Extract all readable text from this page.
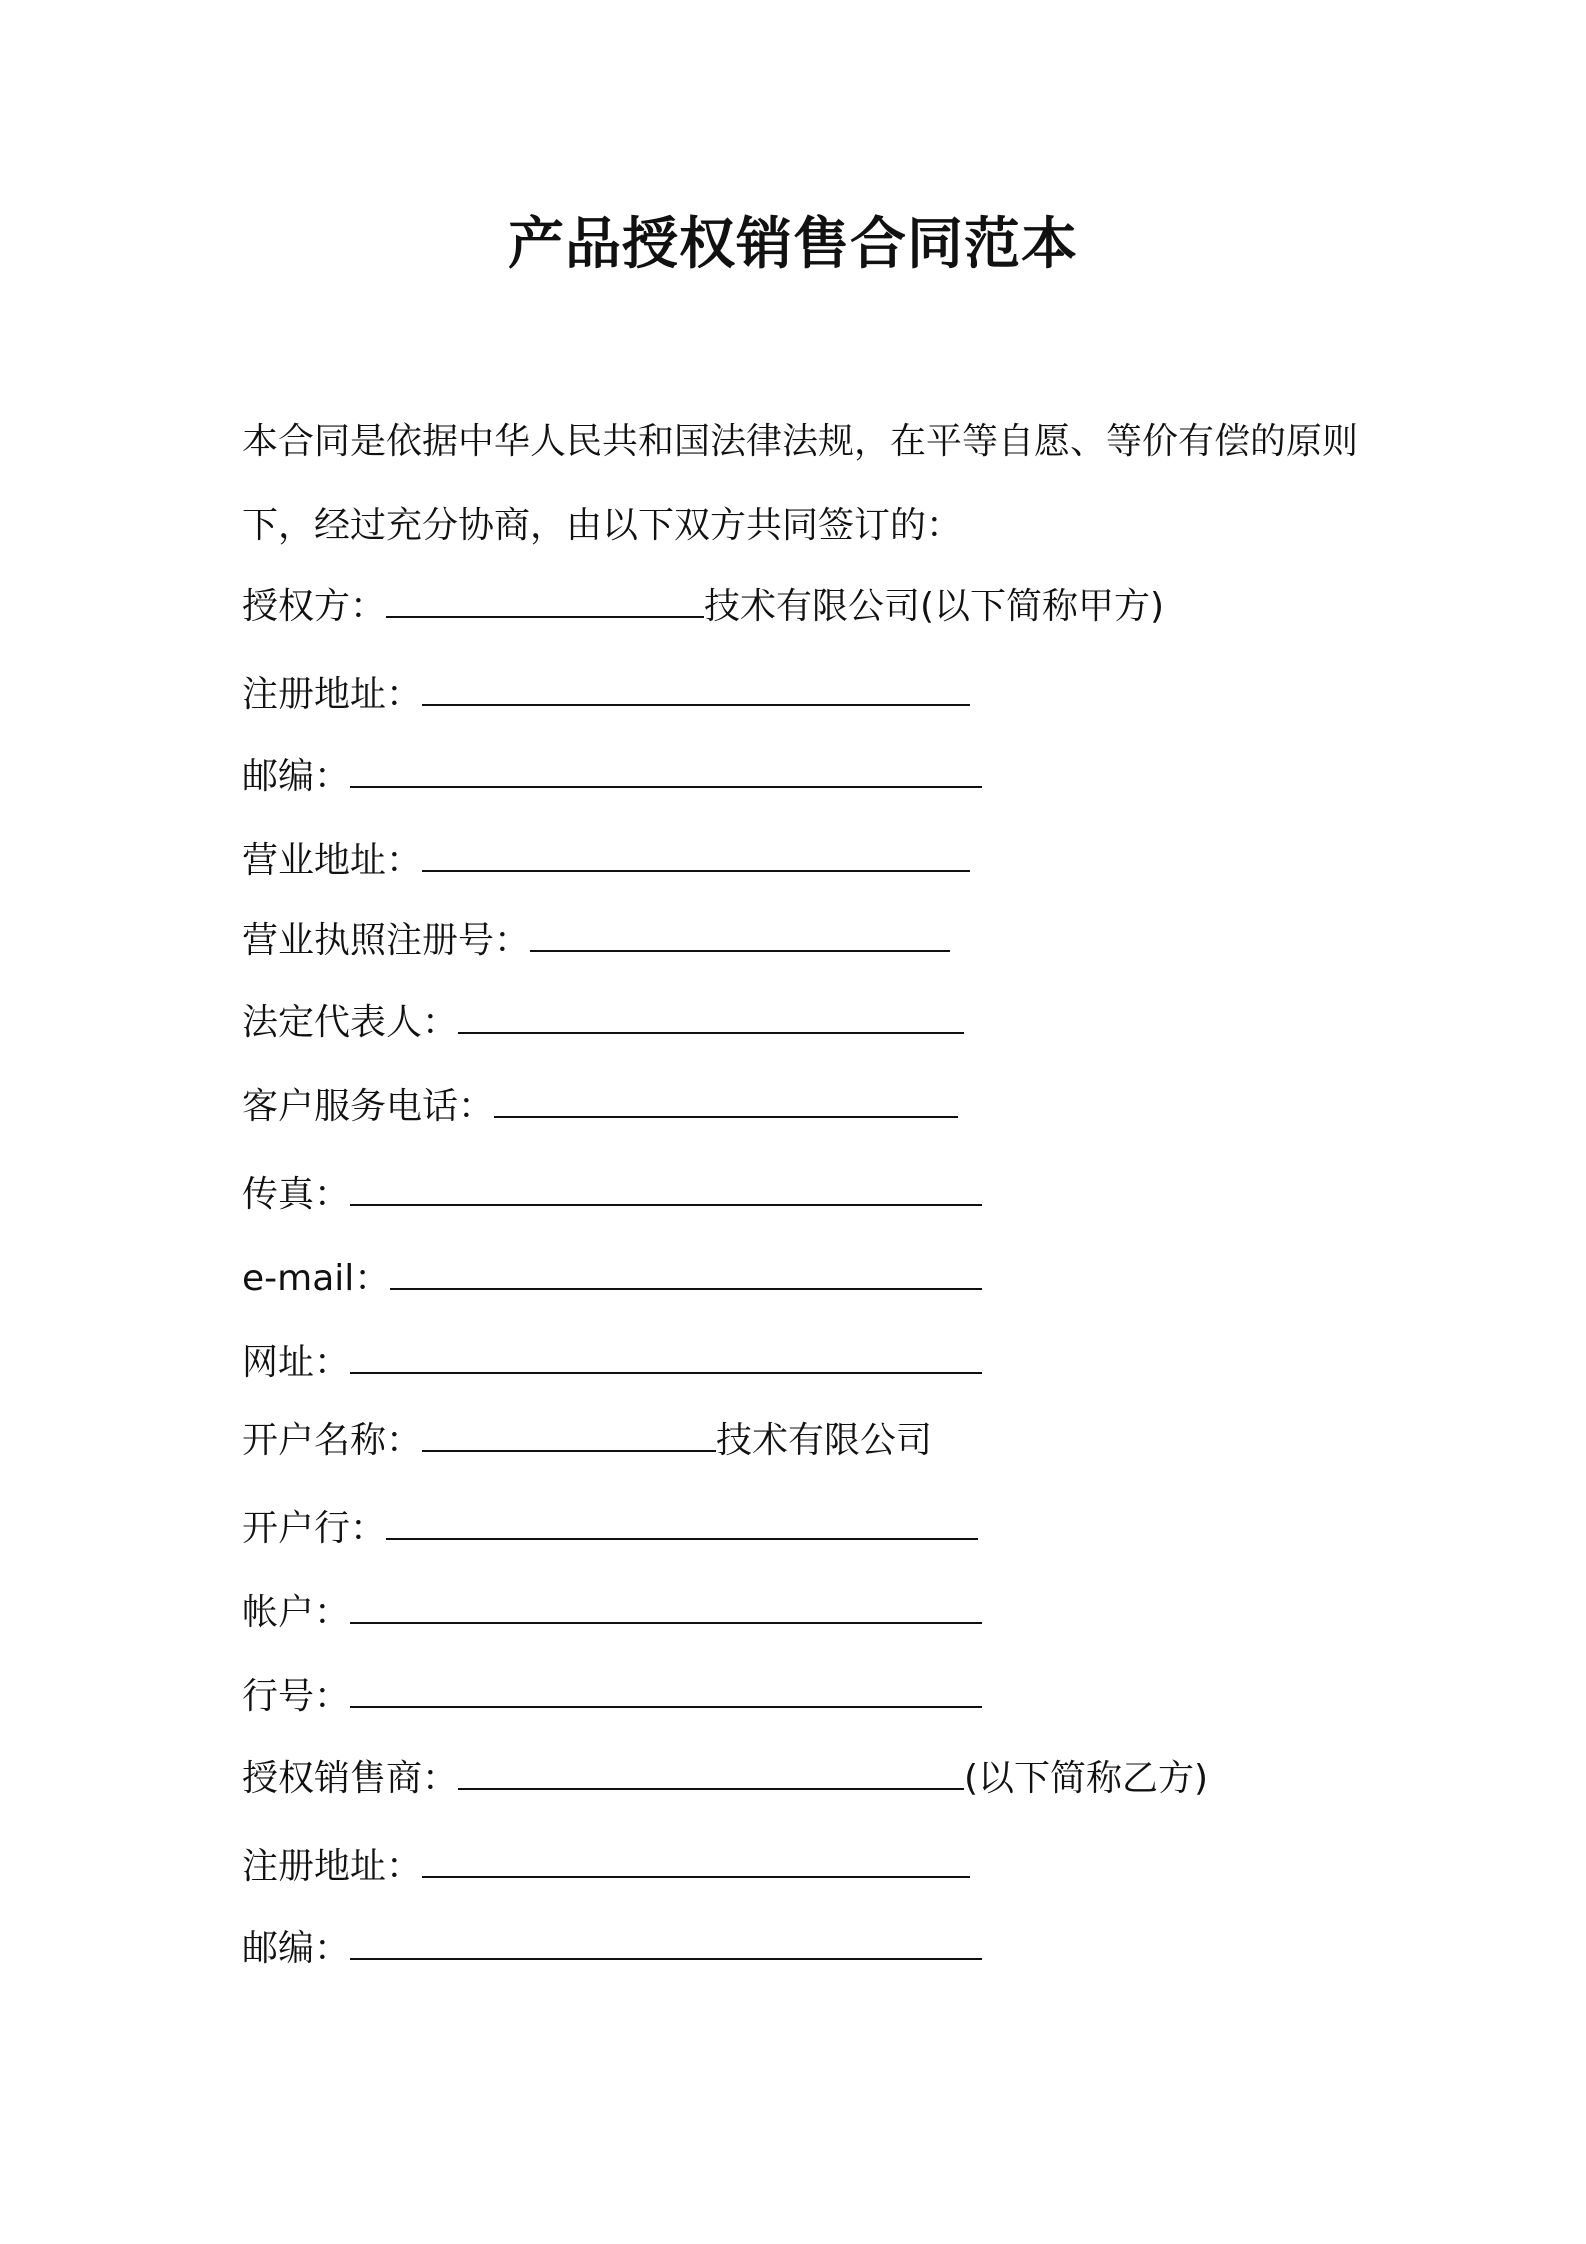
产品授权销售合同范本

本合同是依据中华人民共和国法律法规，在平等自愿、等价有偿的原则下，经过充分协商，由以下双方共同签订的：

授权方：	技术有限公司(以下简称甲方)
注册地址：
邮编：
营业地址：
营业执照注册号：
法定代表人：
客户服务电话：
传真：
e-mail：
网址：
开户名称：	技术有限公司
开户行：
帐户：
行号：
授权销售商：	(以下简称乙方)
注册地址：
邮编：
